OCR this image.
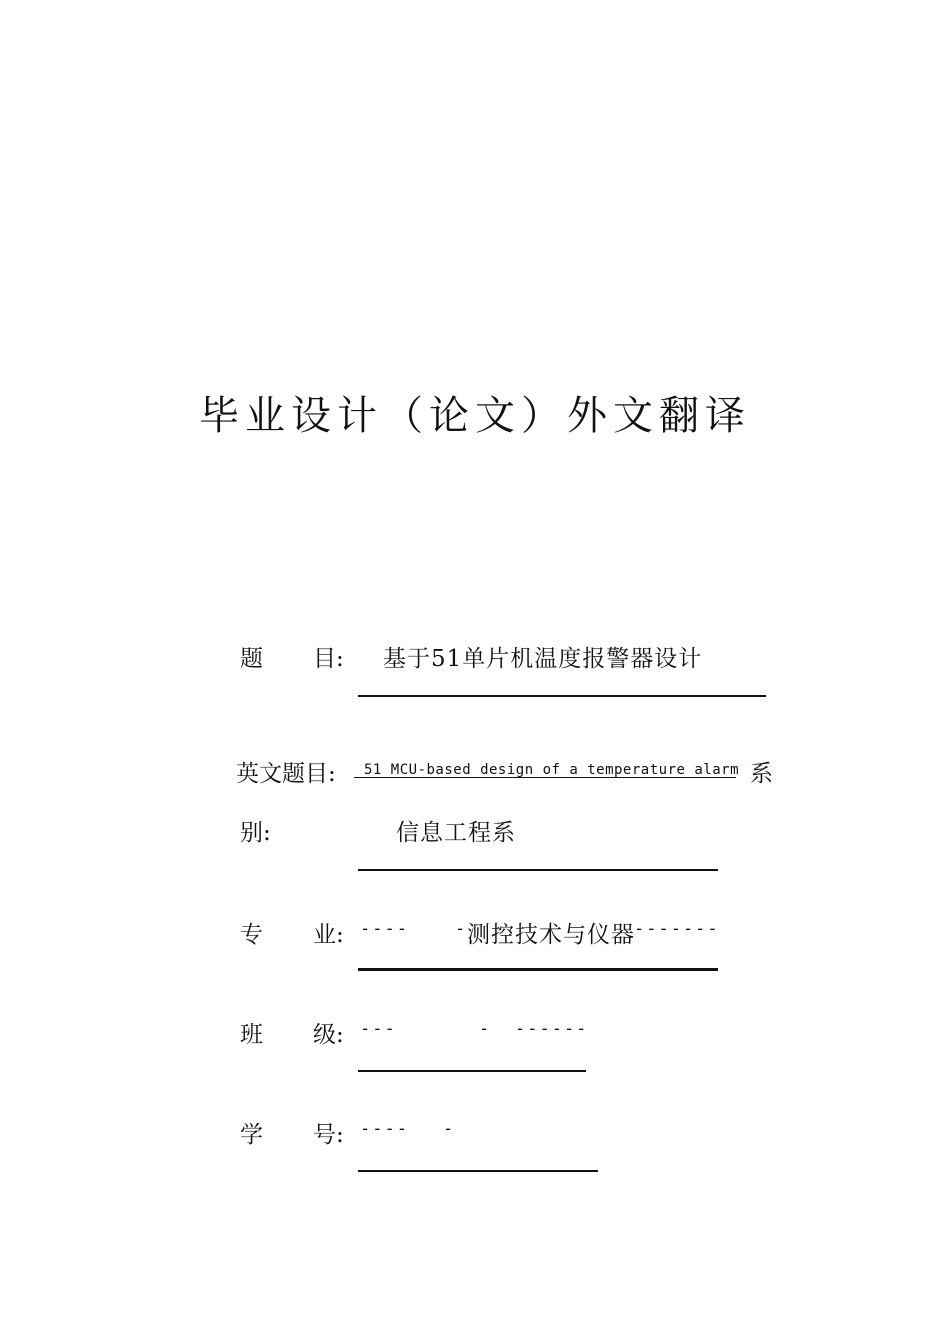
毕业设计（论文）外文翻译
题 目: 基于51单片机温度报警器设计
英文题目: 51 MCU-based design of a temperature alarm 系
别:	信息工程系
专 业: ----	- 测控技术与仪器 -------
班 级: ---	- ------
学 号: ---- -
